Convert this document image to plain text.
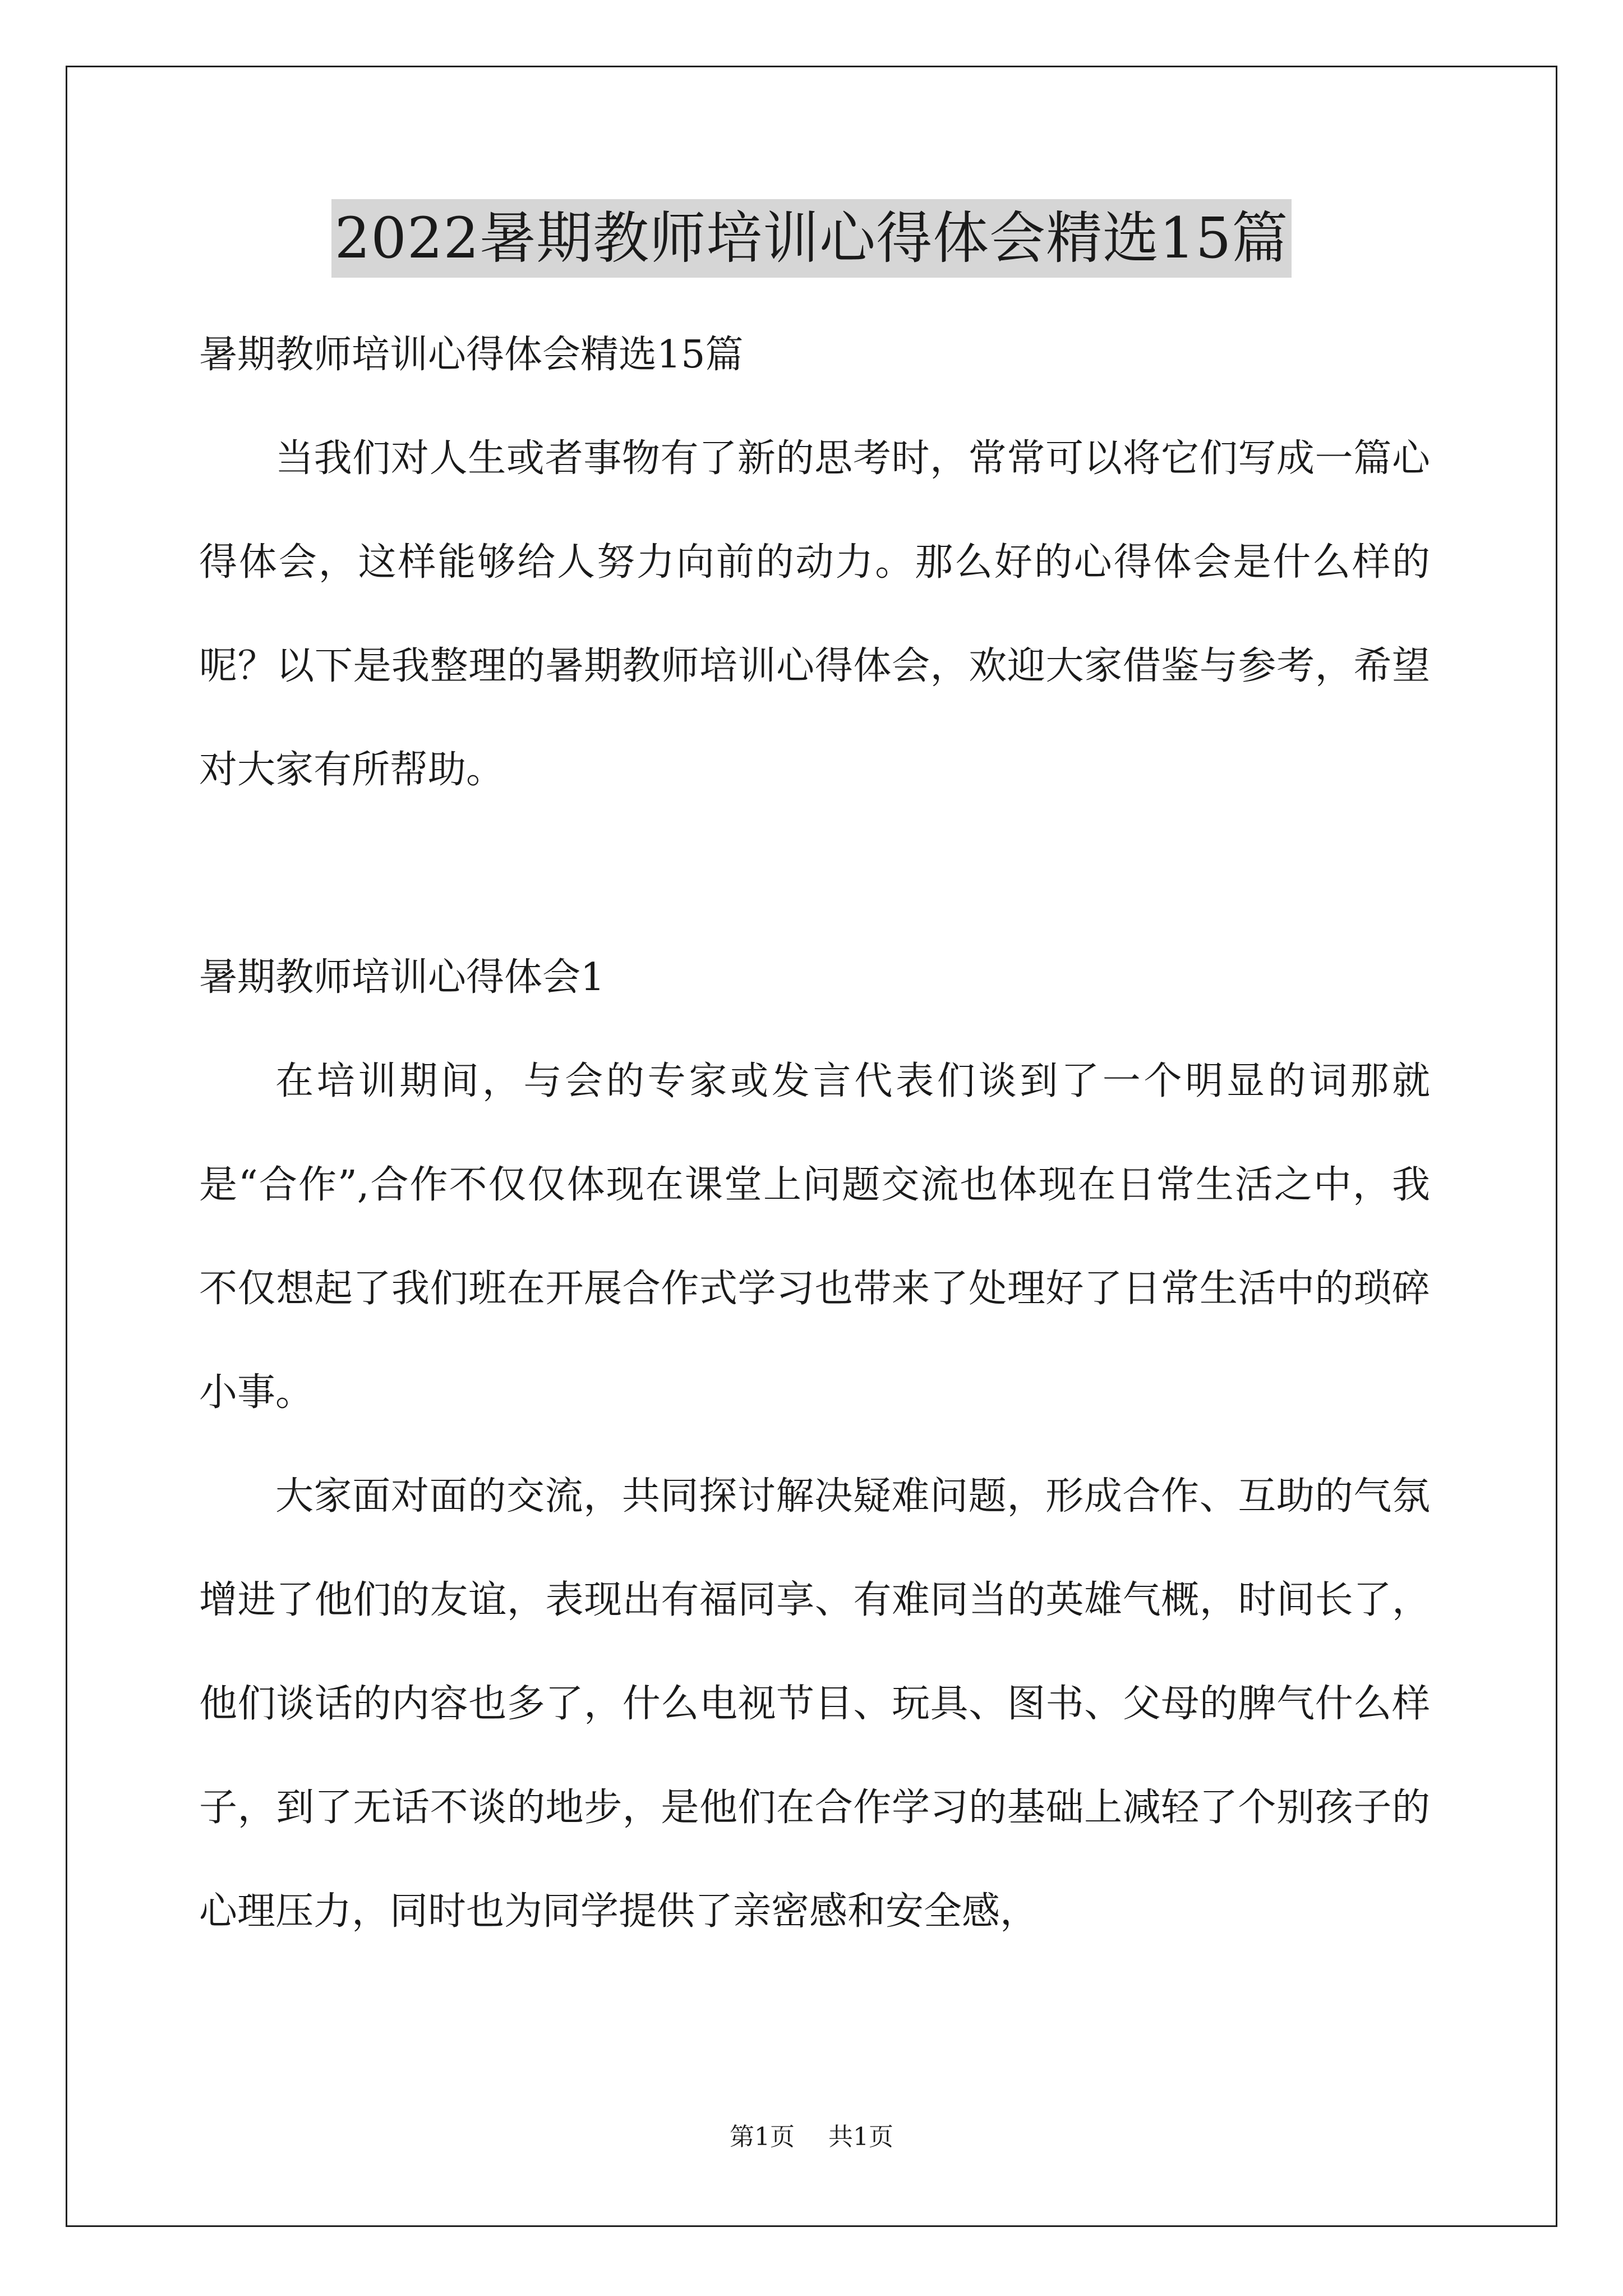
2022暑期教师培训心得体会精选15篇

暑期教师培训心得体会精选15篇

当我们对人生或者事物有了新的思考时，常常可以将它们写成一篇心得体会，这样能够给人努力向前的动力。那么好的心得体会是什么样的呢？以下是我整理的暑期教师培训心得体会，欢迎大家借鉴与参考，希望对大家有所帮助。

暑期教师培训心得体会1

在培训期间，与会的专家或发言代表们谈到了一个明显的词那就是“合作”,合作不仅仅体现在课堂上问题交流也体现在日常生活之中，我不仅想起了我们班在开展合作式学习也带来了处理好了日常生活中的琐碎小事。

大家面对面的交流，共同探讨解决疑难问题，形成合作、互助的气氛增进了他们的友谊，表现出有福同享、有难同当的英雄气概，时间长了，他们谈话的内容也多了，什么电视节目、玩具、图书、父母的脾气什么样子，到了无话不谈的地步，是他们在合作学习的基础上减轻了个别孩子的心理压力，同时也为同学提供了亲密感和安全感，

第1页 共1页
